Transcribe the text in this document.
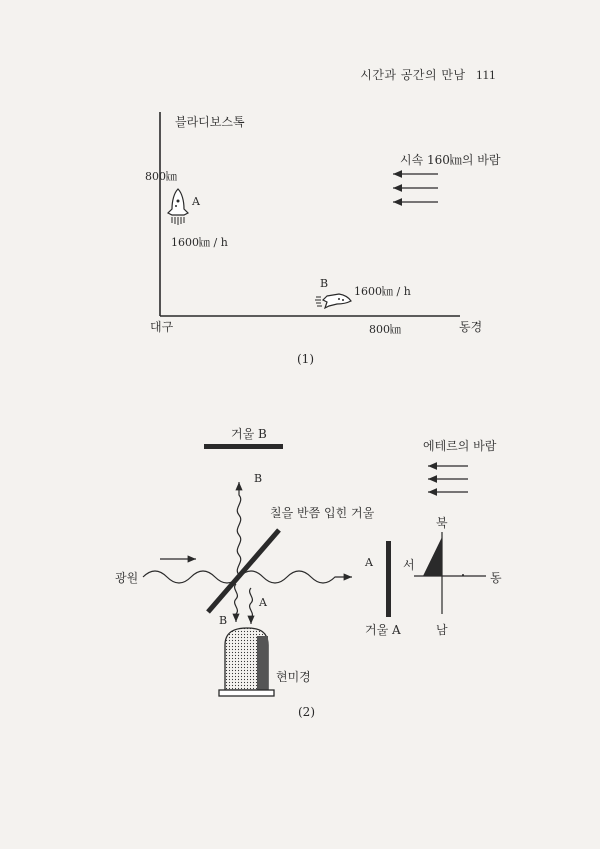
시간과 공간의 만남 111
블라디보스톡
800㎞
시속 160㎞의 바람
A
1600㎞ / h
B
1600㎞ / h
대구	800㎞	동경
(1)
거울 B
에테르의 바람
B
칠을 반쯤 입힌 거울
광원
A
거울 A
북
서
동
남
B
A
현미경
(2)
